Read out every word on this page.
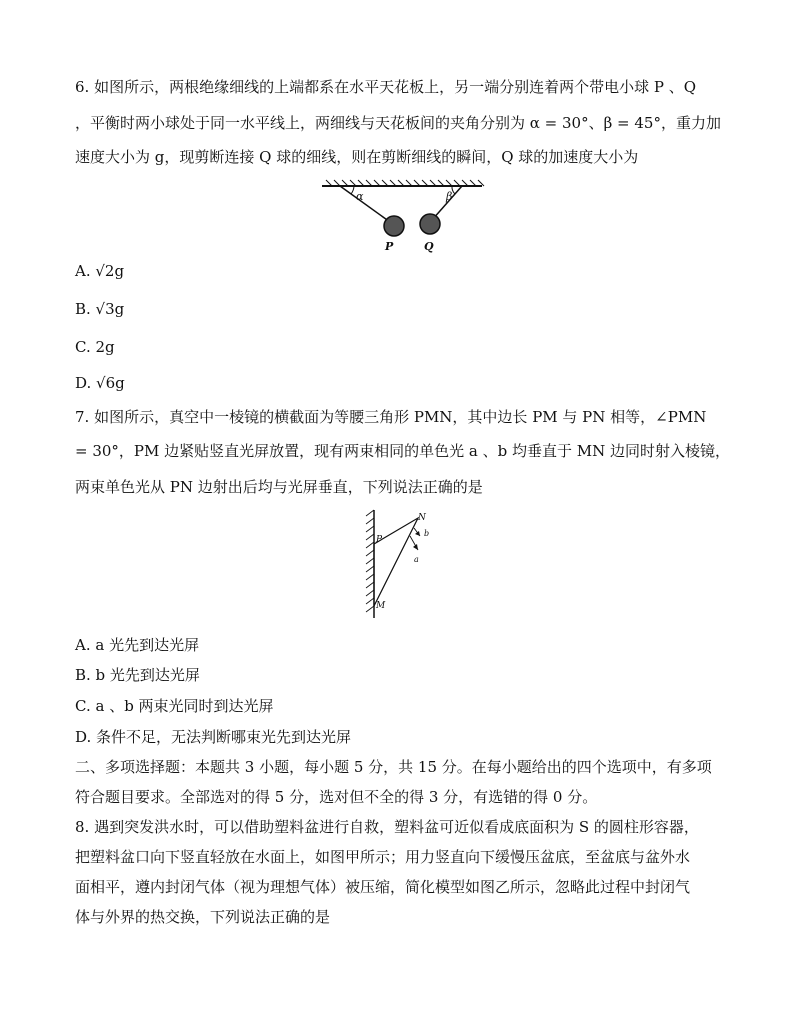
6. 如图所示，两根绝缘细线的上端都系在水平天花板上，另一端分别连着两个带电小球 P 、Q
，平衡时两小球处于同一水平线上，两细线与天花板间的夹角分别为 α = 30°、β = 45°，重力加
速度大小为 g，现剪断连接 Q 球的细线，则在剪断细线的瞬间，Q 球的加速度大小为
α	β
P	Q
A. √2g
B. √3g
C. 2g
D. √6g
7. 如图所示，真空中一棱镜的横截面为等腰三角形 PMN，其中边长 PM 与 PN 相等，∠PMN
= 30°，PM 边紧贴竖直光屏放置，现有两束相同的单色光 a 、b 均垂直于 MN 边同时射入棱镜，
两束单色光从 PN 边射出后均与光屏垂直，下列说法正确的是
N
P
M
b
a
A. a 光先到达光屏
B. b 光先到达光屏
C. a 、b 两束光同时到达光屏
D. 条件不足，无法判断哪束光先到达光屏
二、多项选择题：本题共 3 小题，每小题 5 分，共 15 分。在每小题给出的四个选项中，有多项
符合题目要求。全部选对的得 5 分，选对但不全的得 3 分，有选错的得 0 分。
8. 遇到突发洪水时，可以借助塑料盆进行自救，塑料盆可近似看成底面积为 S 的圆柱形容器，
把塑料盆口向下竖直轻放在水面上，如图甲所示；用力竖直向下缓慢压盆底，至盆底与盆外水
面相平，遵内封闭气体（视为理想气体）被压缩，简化模型如图乙所示，忽略此过程中封闭气
体与外界的热交换，下列说法正确的是
